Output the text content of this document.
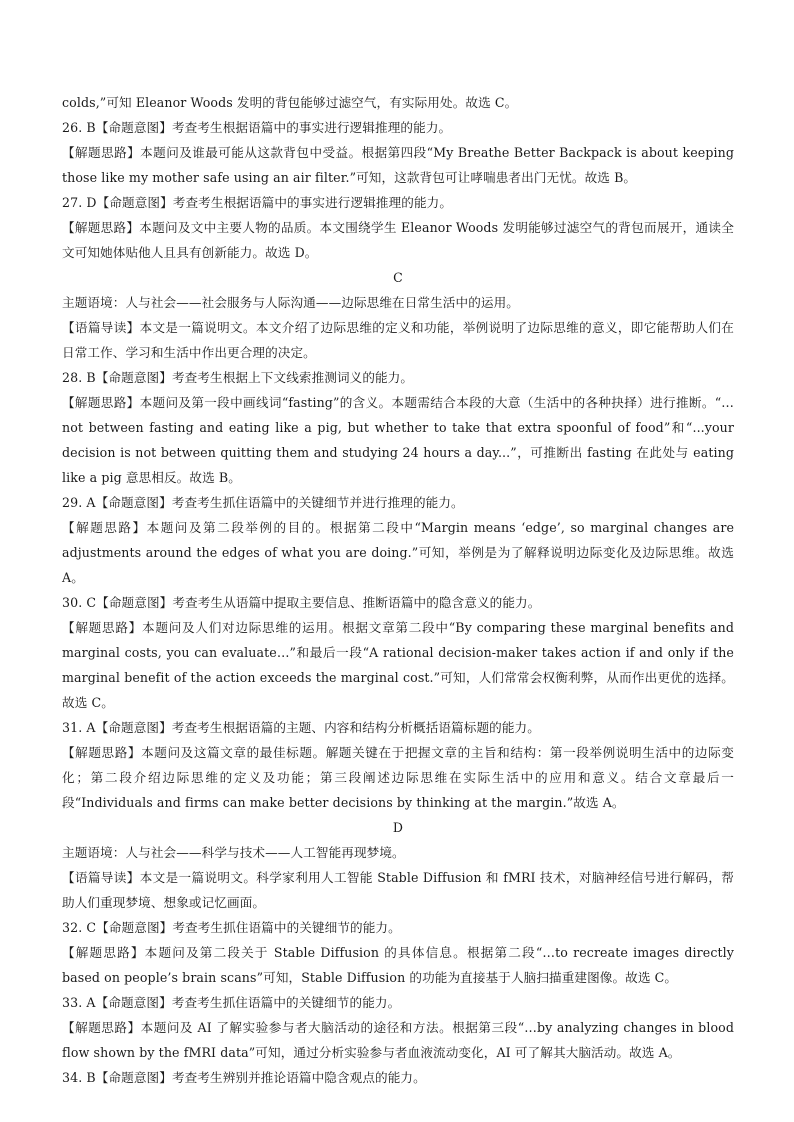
colds,”可知 Eleanor Woods 发明的背包能够过滤空气，有实际用处。故选 C。

26. B【命题意图】考查考生根据语篇中的事实进行逻辑推理的能力。

【解题思路】本题问及谁最可能从这款背包中受益。根据第四段“My Breathe Better Backpack is about keeping those like my mother safe using an air filter.”可知，这款背包可让哮喘患者出门无忧。故选 B。

27. D【命题意图】考查考生根据语篇中的事实进行逻辑推理的能力。

【解题思路】本题问及文中主要人物的品质。本文围绕学生 Eleanor Woods 发明能够过滤空气的背包而展开，通读全文可知她体贴他人且具有创新能力。故选 D。

C

主题语境：人与社会——社会服务与人际沟通——边际思维在日常生活中的运用。

【语篇导读】本文是一篇说明文。本文介绍了边际思维的定义和功能，举例说明了边际思维的意义，即它能帮助人们在日常工作、学习和生活中作出更合理的决定。

28. B【命题意图】考查考生根据上下文线索推测词义的能力。

【解题思路】本题问及第一段中画线词“fasting”的含义。本题需结合本段的大意（生活中的各种抉择）进行推断。“…not between fasting and eating like a pig, but whether to take that extra spoonful of food”和“...your decision is not between quitting them and studying 24 hours a day...”，可推断出 fasting 在此处与 eating like a pig 意思相反。故选 B。

29. A【命题意图】考查考生抓住语篇中的关键细节并进行推理的能力。

【解题思路】本题问及第二段举例的目的。根据第二段中“Margin means ‘edge’, so marginal changes are adjustments around the edges of what you are doing.”可知，举例是为了解释说明边际变化及边际思维。故选 A。

30. C【命题意图】考查考生从语篇中提取主要信息、推断语篇中的隐含意义的能力。

【解题思路】本题问及人们对边际思维的运用。根据文章第二段中“By comparing these marginal benefits and marginal costs, you can evaluate…”和最后一段“A rational decision-maker takes action if and only if the marginal benefit of the action exceeds the marginal cost.”可知，人们常常会权衡利弊，从而作出更优的选择。故选 C。

31. A【命题意图】考查考生根据语篇的主题、内容和结构分析概括语篇标题的能力。

【解题思路】本题问及这篇文章的最佳标题。解题关键在于把握文章的主旨和结构：第一段举例说明生活中的边际变化；第二段介绍边际思维的定义及功能；第三段阐述边际思维在实际生活中的应用和意义。结合文章最后一段“Individuals and firms can make better decisions by thinking at the margin.”故选 A。

D

主题语境：人与社会——科学与技术——人工智能再现梦境。

【语篇导读】本文是一篇说明文。科学家利用人工智能 Stable Diffusion 和 fMRI 技术，对脑神经信号进行解码，帮助人们重现梦境、想象或记忆画面。

32. C【命题意图】考查考生抓住语篇中的关键细节的能力。

【解题思路】本题问及第二段关于 Stable Diffusion 的具体信息。根据第二段“…to recreate images directly based on people’s brain scans”可知，Stable Diffusion 的功能为直接基于人脑扫描重建图像。故选 C。

33. A【命题意图】考查考生抓住语篇中的关键细节的能力。

【解题思路】本题问及 AI 了解实验参与者大脑活动的途径和方法。根据第三段“…by analyzing changes in blood flow shown by the fMRI data”可知，通过分析实验参与者血液流动变化，AI 可了解其大脑活动。故选 A。

34. B【命题意图】考查考生辨别并推论语篇中隐含观点的能力。
